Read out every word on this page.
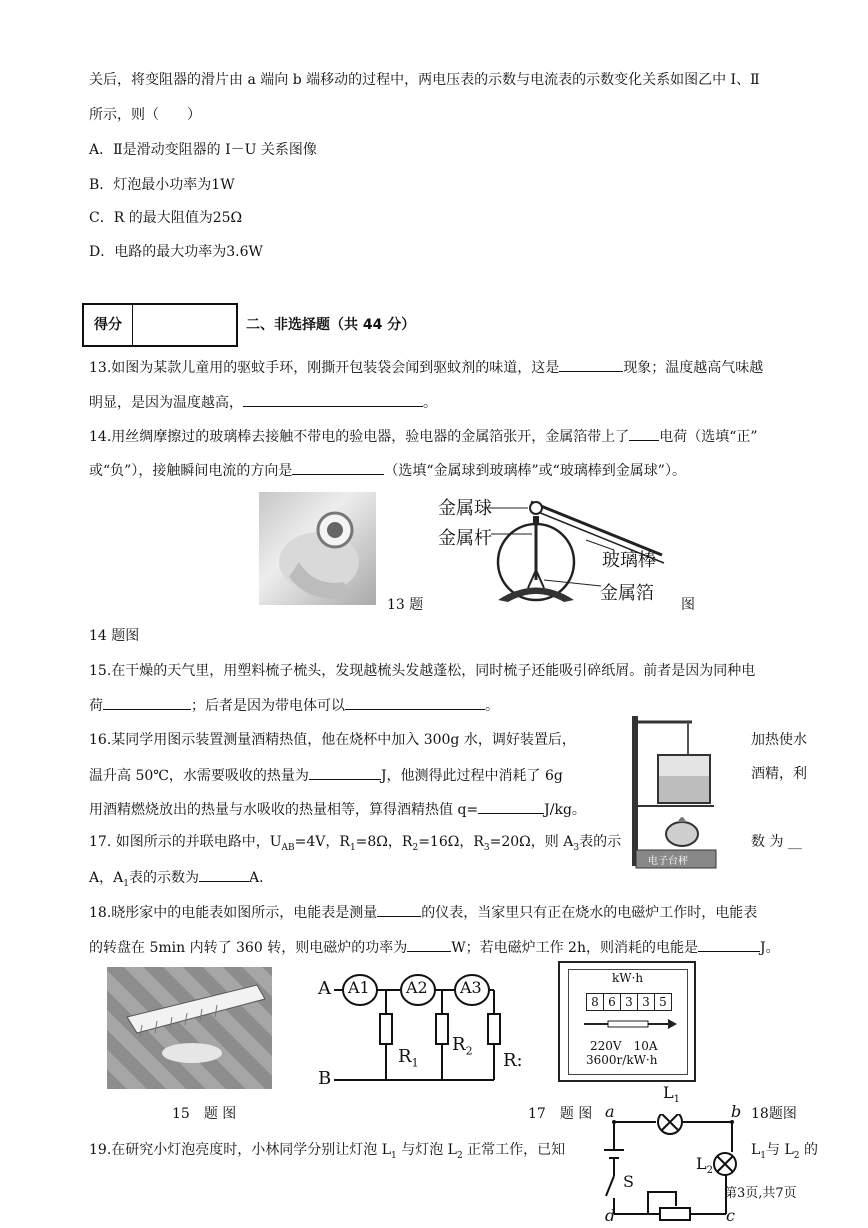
关后，将变阻器的滑片由 a 端向 b 端移动的过程中，两电压表的示数与电流表的示数变化关系如图乙中 Ⅰ、Ⅱ
所示，则（　　）
A．Ⅱ是滑动变阻器的 I－U 关系图像
B．灯泡最小功率为1W
C．R 的最大阻值为25Ω
D．电路的最大功率为3.6W
得分	二、非选择题（共 44 分）
13.如图为某款儿童用的驱蚊手环，刚撕开包装袋会闻到驱蚊剂的味道，这是	现象；温度越高气味越
明显，是因为温度越高，	。
14.用丝绸摩擦过的玻璃棒去接触不带电的验电器，验电器的金属箔张开，金属箔带上了 电荷（选填“正”
或“负”），接触瞬间电流的方向是	（选填“金属球到玻璃棒”或“玻璃棒到金属球”）。
13 题
金属球
金属杆
玻璃棒
金属箔
图
14 题图
15.在干燥的天气里，用塑料梳子梳头，发现越梳头发越蓬松，同时梳子还能吸引碎纸屑。前者是因为同种电
荷	；后者是因为带电体可以	。
16.某同学用图示装置测量酒精热值，他在烧杯中加入 300g 水，调好装置后，	加热使水
温升高 50℃，水需要吸收的热量为	J，他测得此过程中消耗了 6g	酒精，利
用酒精燃烧放出的热量与水吸收的热量相等，算得酒精热值 q=	J/kg。
电子台秤
17. 如图所示的并联电路中，$U_{AB}=4V$，$R_1=8\Omega$，$R_2=16\Omega$，$R_3=20\Omega$，则 $A_3$表的示	数 为 __
A，$A_1$表的示数为	A.
18.晓彤家中的电能表如图所示，电能表是测量	的仪表，当家里只有正在烧水的电磁炉工作时，电能表
的转盘在 5min 内转了 360 转，则电磁炉的功率为	W；若电磁炉工作 2h，则消耗的电能是	J。
15　题 图
A A1 A2 A3
B
$R_1$
$R_2$ R:
17　题 图
kW·h
8 6 3 3 5
220V　10A
3600r/kW·h
18题图
19.在研究小灯泡亮度时，小林同学分别让灯泡 $L_1$ 与灯泡 $L_2$ 正常工作，已知	$L_1$与 $L_2$ 的
a	b
$L_1$
$L_2$
S
d	c
第3页,共7页
